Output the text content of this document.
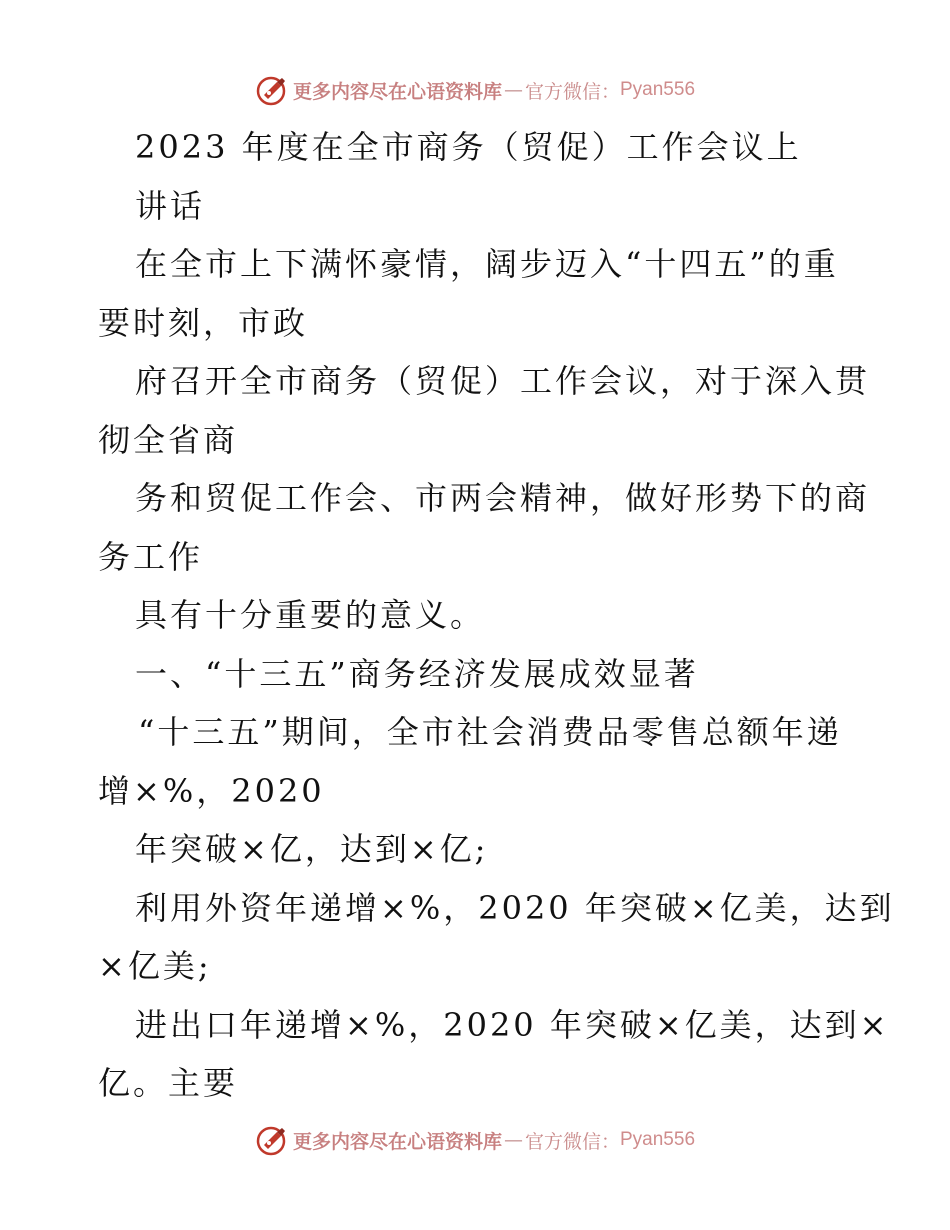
更多内容尽在心语资料库 — 官方微信： Pyan556
2023 年度在全市商务（贸促）工作会议上
讲话
在全市上下满怀豪情，阔步迈入“十四五”的重
要时刻，市政
府召开全市商务（贸促）工作会议，对于深入贯
彻全省商
务和贸促工作会、市两会精神，做好形势下的商
务工作
具有十分重要的意义。
一、“十三五”商务经济发展成效显著
“十三五”期间，全市社会消费品零售总额年递
增×%，2020
年突破×亿，达到×亿;
利用外资年递增×%，2020 年突破×亿美，达到
×亿美;
进出口年递增×%，2020 年突破×亿美，达到×
亿。主要
更多内容尽在心语资料库 — 官方微信： Pyan556
